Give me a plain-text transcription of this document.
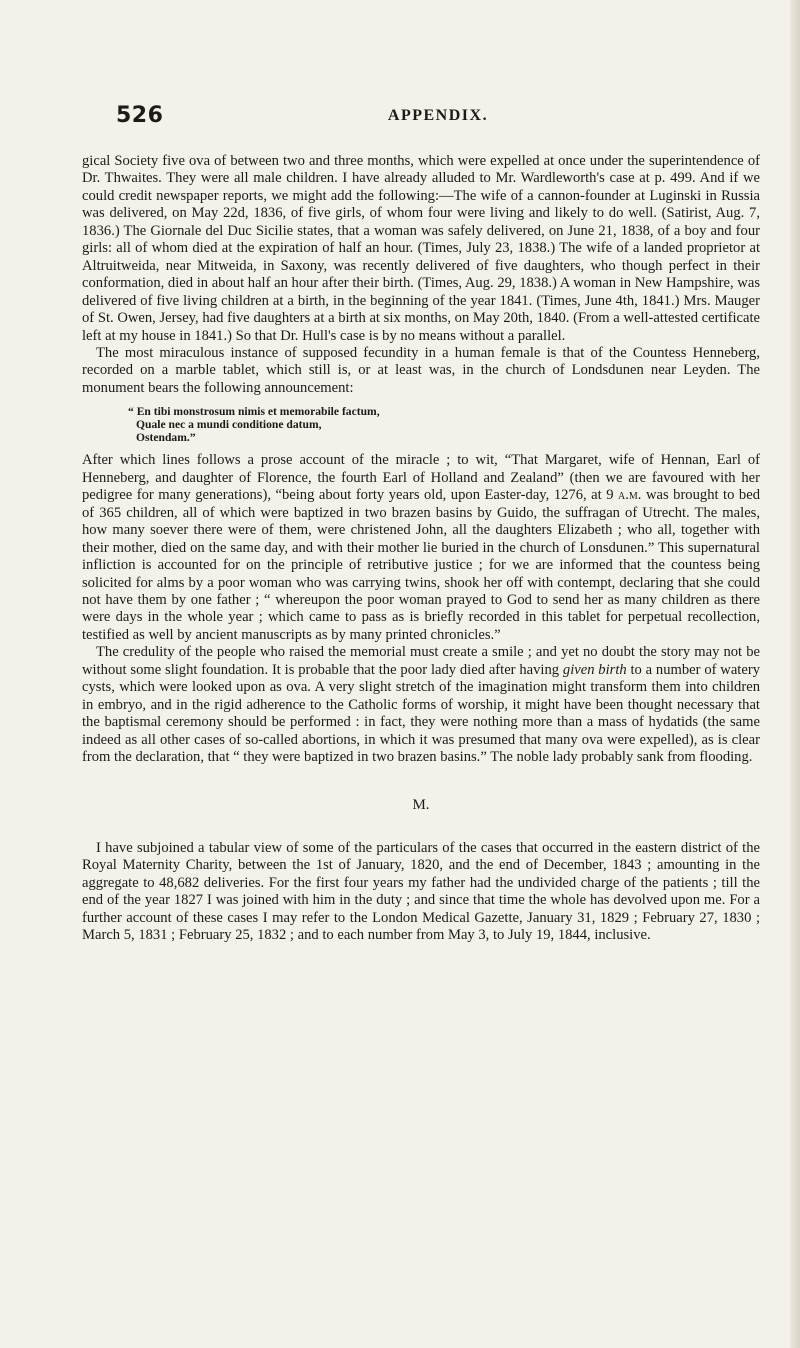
526	APPENDIX.

gical Society five ova of between two and three months, which were expelled at once under the superintendence of Dr. Thwaites. They were all male children. I have already alluded to Mr. Wardleworth's case at p. 499. And if we could credit newspaper reports, we might add the following:—The wife of a cannon-founder at Luginski in Russia was delivered, on May 22d, 1836, of five girls, of whom four were living and likely to do well. (Satirist, Aug. 7, 1836.) The Giornale del Duc Sicilie states, that a woman was safely delivered, on June 21, 1838, of a boy and four girls: all of whom died at the expiration of half an hour. (Times, July 23, 1838.) The wife of a landed proprietor at Altruitweida, near Mitweida, in Saxony, was recently delivered of five daughters, who though perfect in their conformation, died in about half an hour after their birth. (Times, Aug. 29, 1838.) A woman in New Hampshire, was delivered of five living children at a birth, in the beginning of the year 1841. (Times, June 4th, 1841.) Mrs. Mauger of St. Owen, Jersey, had five daughters at a birth at six months, on May 20th, 1840. (From a well-attested certificate left at my house in 1841.) So that Dr. Hull's case is by no means without a parallel.

The most miraculous instance of supposed fecundity in a human female is that of the Countess Henneberg, recorded on a marble tablet, which still is, or at least was, in the church of Londsdunen near Leyden. The monument bears the following announcement:

“ En tibi monstrosum nimis et memorabile factum,
Quale nec a mundi conditione datum,
Ostendam.”

After which lines follows a prose account of the miracle ; to wit, “That Margaret, wife of Hennan, Earl of Henneberg, and daughter of Florence, the fourth Earl of Holland and Zealand” (then we are favoured with her pedigree for many generations), “being about forty years old, upon Easter-day, 1276, at 9 a.m. was brought to bed of 365 children, all of which were baptized in two brazen basins by Guido, the suffragan of Utrecht. The males, how many soever there were of them, were christened John, all the daughters Elizabeth ; who all, together with their mother, died on the same day, and with their mother lie buried in the church of Lonsdunen.” This supernatural infliction is accounted for on the principle of retributive justice ; for we are informed that the countess being solicited for alms by a poor woman who was carrying twins, shook her off with contempt, declaring that she could not have them by one father ; “ whereupon the poor woman prayed to God to send her as many children as there were days in the whole year ; which came to pass as is briefly recorded in this tablet for perpetual recollection, testified as well by ancient manuscripts as by many printed chronicles.”

The credulity of the people who raised the memorial must create a smile ; and yet no doubt the story may not be without some slight foundation. It is probable that the poor lady died after having given birth to a number of watery cysts, which were looked upon as ova. A very slight stretch of the imagination might transform them into children in embryo, and in the rigid adherence to the Catholic forms of worship, it might have been thought necessary that the baptismal ceremony should be performed : in fact, they were nothing more than a mass of hydatids (the same indeed as all other cases of so-called abortions, in which it was presumed that many ova were expelled), as is clear from the declaration, that “ they were baptized in two brazen basins.” The noble lady probably sank from flooding.

M.

I have subjoined a tabular view of some of the particulars of the cases that occurred in the eastern district of the Royal Maternity Charity, between the 1st of January, 1820, and the end of December, 1843 ; amounting in the aggregate to 48,682 deliveries. For the first four years my father had the undivided charge of the patients ; till the end of the year 1827 I was joined with him in the duty ; and since that time the whole has devolved upon me. For a further account of these cases I may refer to the London Medical Gazette, January 31, 1829 ; February 27, 1830 ; March 5, 1831 ; February 25, 1832 ; and to each number from May 3, to July 19, 1844, inclusive.
